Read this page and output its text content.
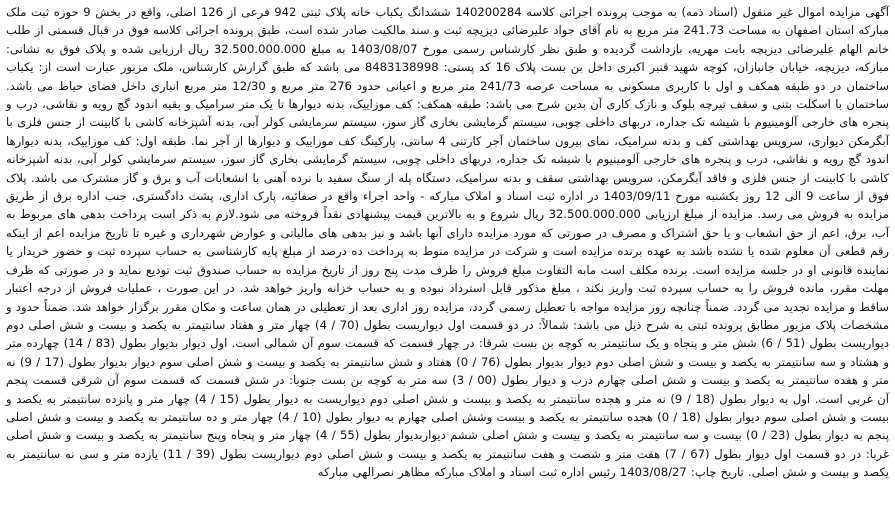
آگهی مزایده اموال غیر منقول (اسناد ذمه) به موجب پرونده اجرائی کلاسه 140200284 ششدانگ یکباب خانه پلاک ثبتی 942 فرعی از 126 اصلی، واقع در بخش 9 حوزه ثبت ملک مبارکه استان اصفهان به مساحت 241.73 متر مربع به نام آقای جواد علیرضائی دیزیچه ثبت و سند مالکیت صادر شده است، طبق پرونده اجرائی کلاسه فوق در قبال قسمتی از طلب خانم الهام علیرضائی دیزیچه بابت مهریه، بازداشت گردیده و طبق نظر کارشناس رسمی مورخ 1403/08/07 به مبلغ 32.500.000.000 ریال ارزیابی شده و پلاک فوق به نشانی: مبارکه، دیزیچه، خیابان جانبازان، کوچه شهید قنبر اکبری داخل بن بست پلاک 16 کد پستی: 8483138998 می باشد که طبق گزارش کارشناس، ملک مزبور عبارت است از: یکباب ساختمان در دو طبقه همکف و اول با کاربری مسکونی به مساحت عرصه 241/73 متر مربع و اعیانی حدود 276 متر مربع و 12/30 متر مربع انباری داخل فضای حیاط می باشد. ساختمان با اسکلت بتنی و سقف تیرچه بلوک و نازک کاری آن بدین شرح می باشد: طبقه همکف: کف موزاییک، بدنه دیوارها تا یک متر سرامیک و بقیه اندود گچ رویه و نقاشی، درب و پنجره های خارجی آلومینیوم با شیشه تک جداره، دربهای داخلی چوبی، سیستم گرمایشی بخاری گاز سوز، سیستم سرمایشی کولر آبی، بدنه آشپزخانه کاشی با کابینت از جنس فلزی با آبگرمکن دیواری، سرویس بهداشتی کف و بدنه سرامیک، نمای بیرون ساختمان آجر کارتنی 4 سانتی، پارکینگ کف موزاییک و دیوارها از آجر نما. طبقه اول: کف موزاییک، بدنه دیوارها اندود گچ رویه و نقاشی، درب و پنجره های خارجی آلومینیوم با شیشه تک جداره، دربهای داخلی چوبی، سیستم گرمایشی بخاری گاز سوز، سیستم سرمایشی کولر آبی، بدنه آشپزخانه کاشی با کابینت از جنس فلزی و فاقد آبگرمکن، سرویس بهداشتی سقف و بدنه سرامیک، دستگاه پله از سنگ سفید با نرده آهنی با انشعابات آب و برق و گاز مشترک می باشد. پلاک فوق از ساعت 9 الی 12 روز یکشنبه مورخ 1403/09/11 در اداره ثبت اسناد و املاک مبارکه - واحد اجراء واقع در صفائیه، پارک اداری، پشت دادگستری، جنب اداره برق از طریق مزایده به فروش می رسد. مزایده از مبلغ ارزیابی 32.500.000.000 ریال شروع و به بالاترین قیمت پیشنهادی نقداً فروخته می شود.لازم به ذکر است پرداخت بدهی های مربوط به آب، برق، اعم از حق انشعاب و یا حق اشتراک و مصرف در صورتی که مورد مزایده دارای آنها باشد و نیز بدهی های مالیاتی و عوارض شهرداری و غیره تا تاریخ مزایده اعم از اینکه رقم قطعی آن معلوم شده یا نشده باشد به عهده برنده مزایده است و شرکت در مزایده منوط به پرداخت ده درصد از مبلغ پایه کارشناسی به حساب سپرده ثبت و حضور خریدار یا نماینده قانونی او در جلسه مزایده است. برنده مکلف است مابه التفاوت مبلغ فروش را ظرف مدت پنج روز از تاریخ مزایده به حساب صندوق ثبت تودیع نماید و در صورتی که ظرف مهلت مقرر، مانده فروش را به حساب سپرده ثبت واریز نکند ، مبلغ مذکور قابل استرداد نبوده و به حساب خزانه واریز خواهد شد. در این صورت ، عملیات فروش از درجه اعتبار ساقط و مزایده تجدید می گردد. ضمناً چنانچه روز مزایده مواجه با تعطیل رسمی گردد، مزایده روز اداری بعد از تعطیلی در همان ساعت و مکان مقرر برگزار خواهد شد. ضمناً حدود و مشخصات پلاک مزبور مطابق پرونده ثبتی به شرح ذیل می باشد: شمالاً: در دو قسمت اول دیواریست بطول (70 / 4) چهار متر و هفتاد سانتیمتر به یکصد و بیست و شش اصلی دوم دیواریست بطول (51 / 6) شش متر و پنجاه و یک سانتیمتر به کوچه بن بست شرقا: در چهار قسمت که قسمت سوم آن شمالی است. اول دیوار بدیوار بطول (83 / 14) چهارده متر و هشتاد و سه سانتیمتر به یکصد و بیست و شش اصلی دوم دیوار بدیوار بطول (76 / 0) هفتاد و شش سانتیمتر به یکصد و بیست و شش اصلی سوم دیوار بدیوار بطول (17 / 9) نه متر و هفده سانتیمتر به یکصد و بیست و شش اصلی چهارم درب و دیوار بطول (00 / 3) سه متر به کوچه بن بست جنوبا: در شش قسمت که قسمت سوم آن شرقی قسمت پنجم آن غربی است. اول به دیوار بطول (18 / 9) نه متر و هجده سانتیمتر به یکصد و بیست و شش اصلی دوم دیواریست به دیوار بطول (15 / 4) چهار متر و پانزده سانتیمتر به یکصد و بیست و شش اصلی سوم دیوار بطول (18 / 0) هجده سانتیمتر به یکصد و بیست وشش اصلی چهارم به دیوار بطول (10 / 4) چهار متر و ده سانتیمتر به یکصد و بیست و شش اصلی پنجم به دیوار بطول (23 / 0) بیست و سه سانتیمتر به یکصد و بیست و شش اصلی ششم دیواربدیوار بطول (55 / 4) چهار متر و پنجاه وپنج سانتیمتر به یکصد و بیست و شش اصلی غربا: در دو قسمت اول دیوار بطول (67 / 7) هفت متر و شصت و هفت سانتیمتر به یکصد و بیست و شش اصلی دوم دیواریست بطول (39 / 11) یازده متر و سی نه سانتیمتر به یکصد و بیست و شش اصلی. تاریخ چاپ: 1403/08/27 رئیس اداره ثبت اسناد و املاک مبارکه مظاهر نصرالهی مبارکه
